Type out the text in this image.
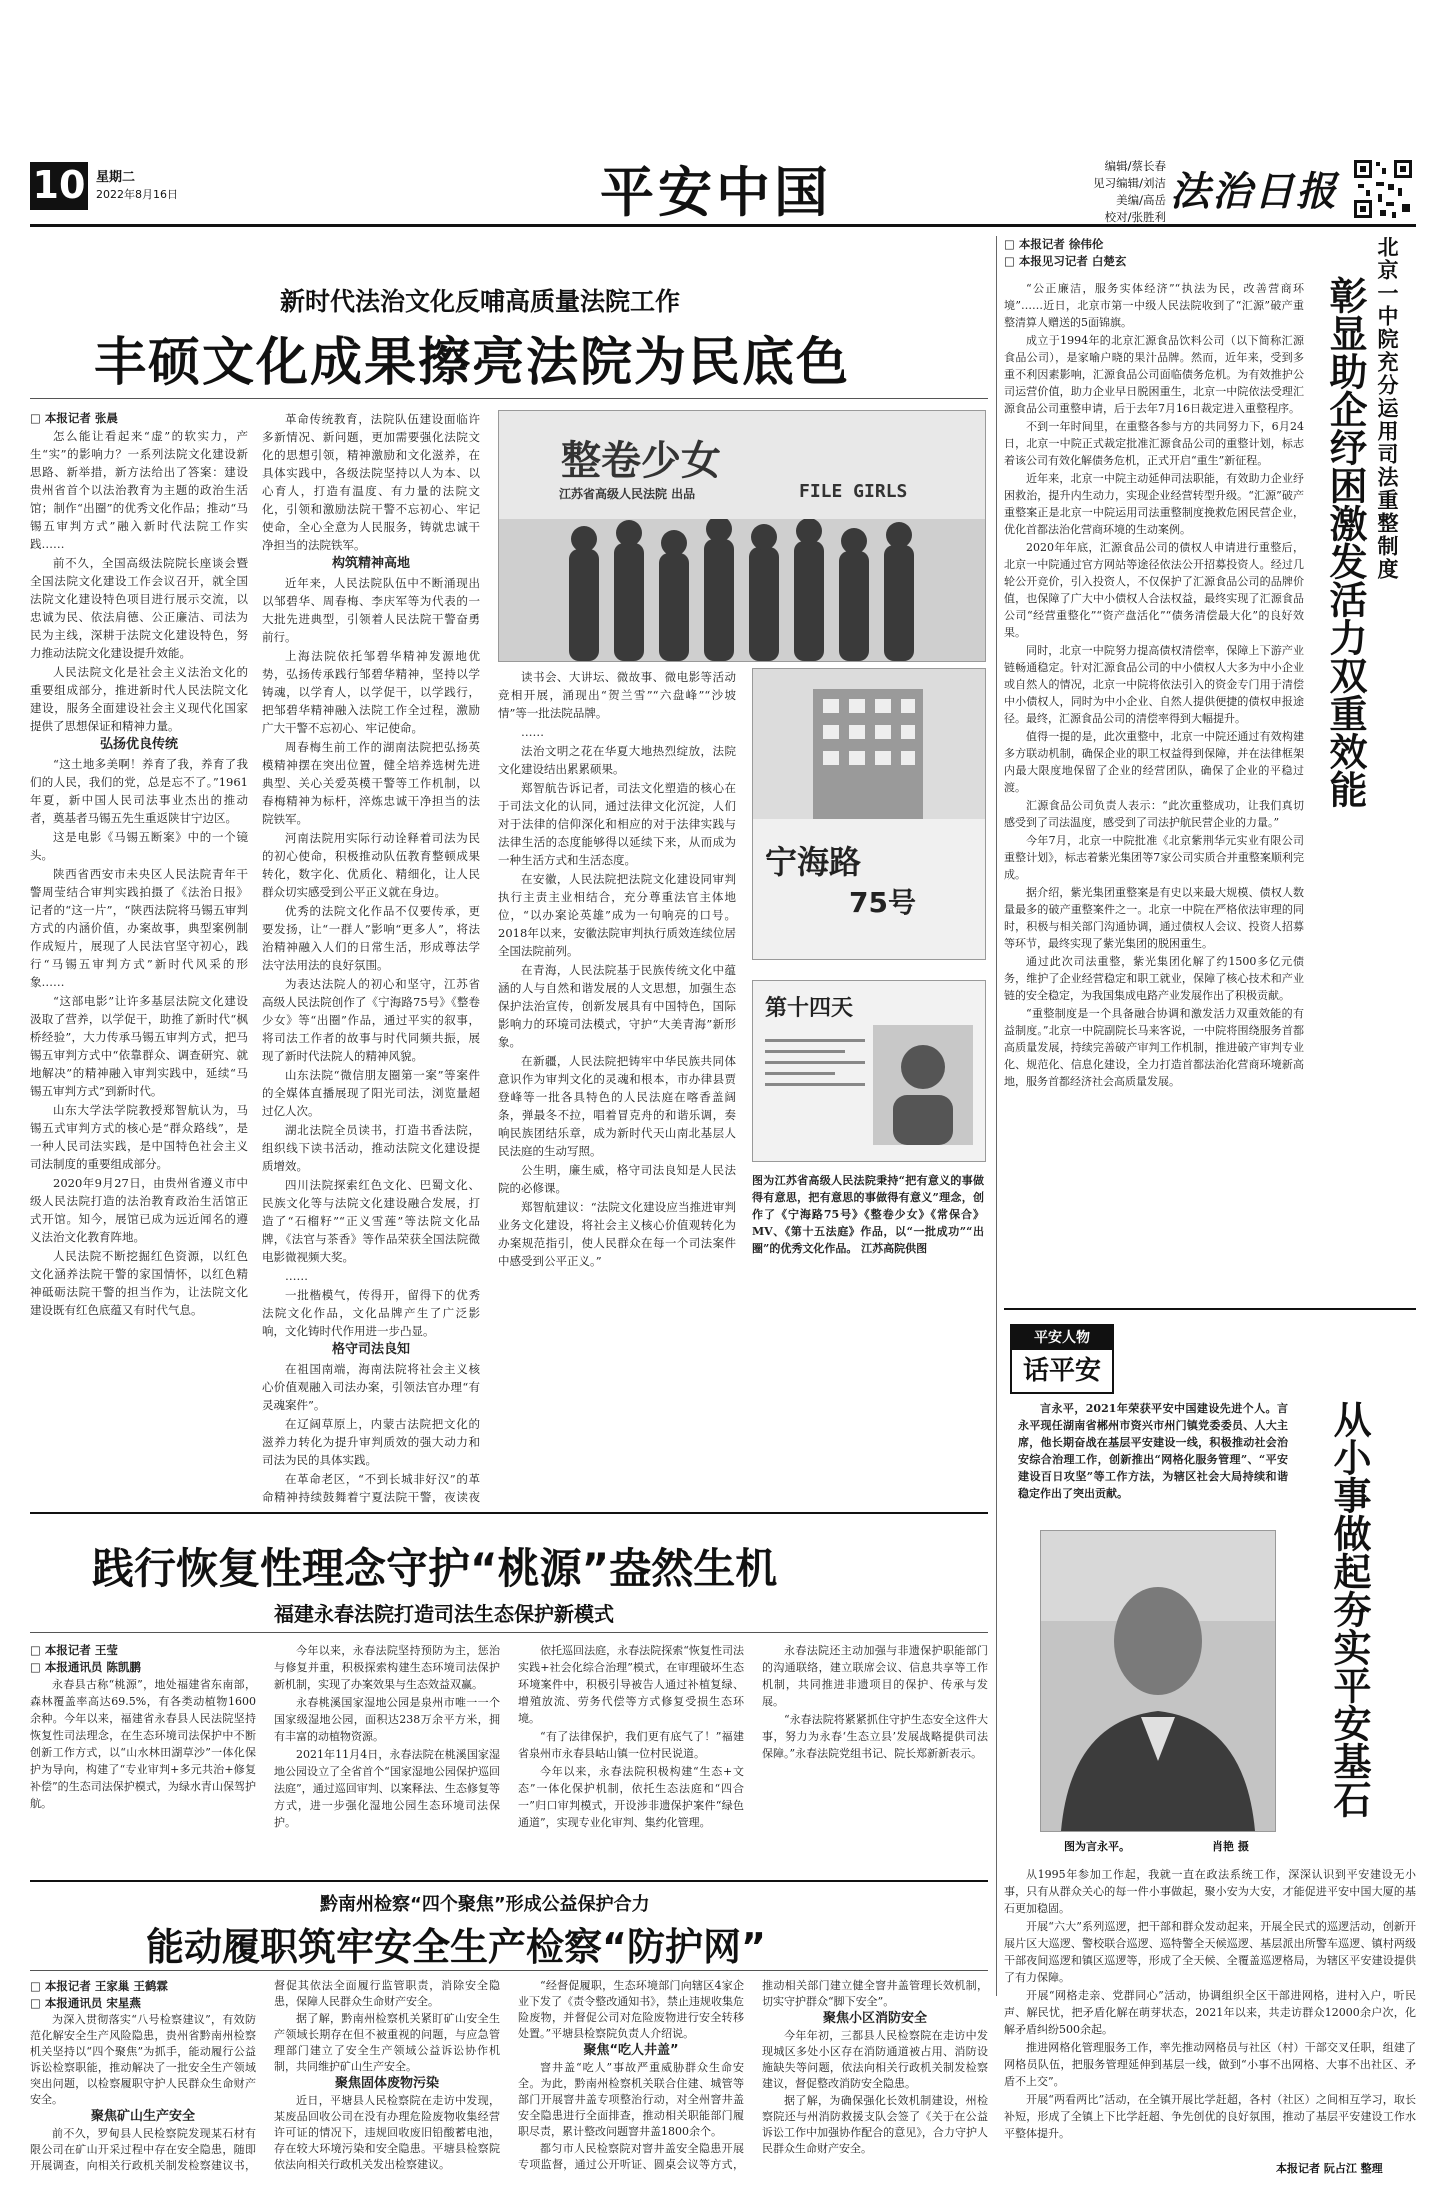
10 星期二
2022年8月16日	平安中国	编辑/蔡长春
见习编辑/刘洁
美编/高岳
校对/张胜利
法治日报
新时代法治文化反哺高质量法院工作
丰硕文化成果擦亮法院为民底色
□ 本报记者 张晨

怎么能让看起来“虚”的软实力，产生“实”的影响力？一系列法院文化建设新思路、新举措，新方法给出了答案：建设贵州省首个以法治教育为主题的政治生活馆；制作“出圈”的优秀文化作品；推动“马锡五审判方式”融入新时代法院工作实践……

前不久，全国高级法院院长座谈会暨全国法院文化建设工作会议召开，就全国法院文化建设特色项目进行展示交流，以忠诚为民、依法肩德、公正廉洁、司法为民为主线，深耕于法院文化建设特色，努力推动法院文化建设提升效能。

人民法院文化是社会主义法治文化的重要组成部分，推进新时代人民法院文化建设，服务全面建设社会主义现代化国家提供了思想保证和精神力量。

弘扬优良传统

“这土地多美啊！养育了我，养育了我们的人民，我们的党，总是忘不了。”1961年夏，新中国人民司法事业杰出的推动者，奠基者马锡五先生重返陕甘宁边区。

这是电影《马锡五断案》中的一个镜头。

陕西省西安市未央区人民法院青年干警周莹结合审判实践拍摄了《法治日报》记者的“这一片”，“陕西法院将马锡五审判方式的内涵价值，办案故事，典型案例制作成短片，展现了人民法官坚守初心，践行“马锡五审判方式”新时代风采的形象……

“这部电影”让许多基层法院文化建设汲取了营养，以学促干，助推了新时代“枫桥经验”，大力传承马锡五审判方式，把马锡五审判方式中“依靠群众、调查研究、就地解决”的精神融入审判实践中，延续“马锡五审判方式”到新时代。

山东大学法学院教授郑智航认为，马锡五式审判方式的核心是“群众路线”，是一种人民司法实践，是中国特色社会主义司法制度的重要组成部分。

2020年9月27日，由贵州省遵义市中级人民法院打造的法治教育政治生活馆正式开馆。知今，展馆已成为远近闻名的遵义法治文化教育阵地。

人民法院不断挖掘红色资源，以红色文化涵养法院干警的家国情怀，以红色精神砥砺法院干警的担当作为，让法院文化建设既有红色底蕴又有时代气息。

革命传统教育，法院队伍建设面临许多新情况、新问题，更加需要强化法院文化的思想引领，精神激励和文化滋养，在具体实践中，各级法院坚持以人为本、以心育人，打造有温度、有力量的法院文化，引领和激励法院干警不忘初心、牢记使命，全心全意为人民服务，铸就忠诚干净担当的法院铁军。

构筑精神高地

近年来，人民法院队伍中不断涌现出以邹碧华、周春梅、李庆军等为代表的一大批先进典型，引领着人民法院干警奋勇前行。

上海法院依托邹碧华精神发源地优势，弘扬传承践行邹碧华精神，坚持以学铸魂，以学育人，以学促干，以学践行，把邹碧华精神融入法院工作全过程，激励广大干警不忘初心、牢记使命。

周春梅生前工作的湖南法院把弘扬英模精神摆在突出位置，健全培养选树先进典型、关心关爱英模干警等工作机制，以春梅精神为标杆，淬炼忠诚干净担当的法院铁军。

河南法院用实际行动诠释着司法为民的初心使命，积极推动队伍教育整顿成果转化，数字化、优质化、精细化，让人民群众切实感受到公平正义就在身边。

优秀的法院文化作品不仅要传承，更要发扬，让“一群人”影响“更多人”，将法治精神融入人们的日常生活，形成尊法学法守法用法的良好氛围。

为表达法院人的初心和坚守，江苏省高级人民法院创作了《宁海路75号》《整卷少女》等“出圈”作品，通过平实的叙事，将司法工作者的故事与时代同频共振，展现了新时代法院人的精神风貌。

山东法院“微信朋友圈第一案”等案件的全媒体直播展现了阳光司法，浏览量超过亿人次。

湖北法院全员读书，打造书香法院，组织线下读书活动，推动法院文化建设提质增效。

四川法院探索红色文化、巴蜀文化、民族文化等与法院文化建设融合发展，打造了“石榴籽”“正义雪莲”等法院文化品牌，《法官与茶香》等作品荣获全国法院微电影微视频大奖。

……

一批楷模气，传得开，留得下的优秀法院文化作品，文化品牌产生了广泛影响，文化铸时代作用进一步凸显。

格守司法良知

在祖国南端，海南法院将社会主义核心价值观融入司法办案，引领法官办理“有灵魂案件”。

在辽阔草原上，内蒙古法院把文化的滋养力转化为提升审判质效的强大动力和司法为民的具体实践。

在革命老区，“不到长城非好汉”的革命精神持续鼓舞着宁夏法院干警，夜读夜

整卷少女
江苏省高级人民法院 出品	FILE GIRLS
宁海路
75号
第十四天

读书会、大讲坛、微故事、微电影等活动竞相开展，涌现出“贺兰雪”“六盘峰”“沙坡情”等一批法院品牌。

……

法治文明之花在华夏大地热烈绽放，法院文化建设结出累累硕果。

郑智航告诉记者，司法文化塑造的核心在于司法文化的认同，通过法律文化沉淀，人们对于法律的信仰深化和相应的对于法律实践与法律生活的态度能够得以延续下来，从而成为一种生活方式和生活态度。

在安徽，人民法院把法院文化建设同审判执行主责主业相结合，充分尊重法官主体地位，“以办案论英雄”成为一句响亮的口号。2018年以来，安徽法院审判执行质效连续位居全国法院前列。

在青海，人民法院基于民族传统文化中蕴涵的人与自然和谐发展的人文思想，加强生态保护法治宣传，创新发展具有中国特色，国际影响力的环境司法模式，守护“大美青海”新形象。

在新疆，人民法院把铸牢中华民族共同体意识作为审判文化的灵魂和根本，市办律县贾登峰等一批各具特色的人民法庭在喀香盖阔条，弹最冬不拉，唱着冒克舟的和谐乐调，奏响民族团结乐章，成为新时代天山南北基层人民法庭的生动写照。

公生明，廉生威，格守司法良知是人民法院的必修课。

郑智航建议：“法院文化建设应当推进审判业务文化建设，将社会主义核心价值观转化为办案规范指引，使人民群众在每一个司法案件中感受到公平正义。”

图为江苏省高级人民法院秉持“把有意义的事做得有意思，把有意思的事做得有意义”理念，创作了《宁海路75号》《整卷少女》《常保合》MV、《第十五法庭》作品，以“一批成功”“出圈”的优秀文化作品。 江苏高院供图
□ 本报记者 徐伟伦
□ 本报见习记者 白楚玄	北京一中院充分运用司法重整制度
彰显助企纾困激发活力双重效能

“公正廉洁，服务实体经济”“执法为民，改善营商环境”……近日，北京市第一中级人民法院收到了“汇源”破产重整清算人赠送的5面锦旗。

成立于1994年的北京汇源食品饮料公司（以下简称汇源食品公司），是家喻户晓的果汁品牌。然而，近年来，受到多重不利因素影响，汇源食品公司面临债务危机。为有效推护公司运营价值，助力企业早日脱困重生，北京一中院依法受理汇源食品公司重整申请，后于去年7月16日裁定进入重整程序。

不到一年时间里，在重整各参与方的共同努力下，6月24日，北京一中院正式裁定批准汇源食品公司的重整计划，标志着该公司有效化解债务危机，正式开启“重生”新征程。

近年来，北京一中院主动延伸司法职能，有效助力企业纾困救治，提升内生动力，实现企业经营转型升级。“汇源”破产重整案正是北京一中院运用司法重整制度挽救危困民营企业，优化首都法治化营商环境的生动案例。

2020年年底，汇源食品公司的债权人申请进行重整后，北京一中院通过官方网站等途径依法公开招募投资人。经过几轮公开竞价，引入投资人，不仅保护了汇源食品公司的品牌价值，也保障了广大中小债权人合法权益，最终实现了汇源食品公司“经营重整化”“资产盘活化”“债务清偿最大化”的良好效果。

同时，北京一中院努力提高债权清偿率，保障上下游产业链畅通稳定。针对汇源食品公司的中小债权人大多为中小企业或自然人的情况，北京一中院将依法引入的资金专门用于清偿中小债权人，同时为中小企业、自然人提供便捷的债权申报途径。最终，汇源食品公司的清偿率得到大幅提升。

值得一提的是，此次重整中，北京一中院还通过有效构建多方联动机制，确保企业的职工权益得到保障，并在法律框架内最大限度地保留了企业的经营团队，确保了企业的平稳过渡。

汇源食品公司负责人表示：“此次重整成功，让我们真切感受到了司法温度，感受到了司法护航民营企业的力量。”

今年7月，北京一中院批准《北京紫荆华元实业有限公司重整计划》，标志着紫光集团等7家公司实质合并重整案顺利完成。

据介绍，紫光集团重整案是有史以来最大规模、债权人数量最多的破产重整案件之一。北京一中院在严格依法审理的同时，积极与相关部门沟通协调，通过债权人会议、投资人招募等环节，最终实现了紫光集团的脱困重生。

通过此次司法重整，紫光集团化解了约1500多亿元债务，维护了企业经营稳定和职工就业，保障了核心技术和产业链的安全稳定，为我国集成电路产业发展作出了积极贡献。

“重整制度是一个具备融合协调和激发活力双重效能的有益制度。”北京一中院副院长马来客说，一中院将围绕服务首都高质量发展，持续完善破产审判工作机制，推进破产审判专业化、规范化、信息化建设，全力打造首都法治化营商环境新高地，服务首都经济社会高质量发展。

平安人物
话平安
言永平，2021年荣获平安中国建设先进个人。言永平现任湖南省郴州市资兴市州门镇党委委员、人大主席，他长期奋战在基层平安建设一线，积极推动社会治安综合治理工作，创新推出“网格化服务管理”、“平安建设百日攻坚”等工作方法，为辖区社会大局持续和谐稳定作出了突出贡献。	从小事做起夯实平安基石
图为言永平。	肖艳 摄

从1995年参加工作起，我就一直在政法系统工作，深深认识到平安建设无小事，只有从群众关心的每一件小事做起，聚小安为大安，才能促进平安中国大厦的基石更加稳固。

开展“六大”系列巡逻，把干部和群众发动起来，开展全民式的巡逻活动，创新开展片区大巡逻、警校联合巡逻、巡特警全天候巡逻、基层派出所警车巡逻、镇村两级干部夜间巡逻和镇区巡逻等，形成了全天候、全覆盖巡逻格局，为辖区平安建设提供了有力保障。

开展“网格走亲、党群同心”活动，协调组织全区干部进网格，进村入户，听民声、解民忧，把矛盾化解在萌芽状态，2021年以来，共走访群众12000余户次，化解矛盾纠纷500余起。

推进网格化管理服务工作，率先推动网格员与社区（村）干部交叉任职，组建了网格员队伍，把服务管理延伸到基层一线，做到“小事不出网格、大事不出社区、矛盾不上交”。

开展“两看两比”活动，在全镇开展比学赶超，各村（社区）之间相互学习，取长补短，形成了全镇上下比学赶超、争先创优的良好氛围，推动了基层平安建设工作水平整体提升。

本报记者 阮占江 整理
践行恢复性理念守护“桃源”盎然生机
福建永春法院打造司法生态保护新模式
□ 本报记者 王莹
□ 本报通讯员 陈凯鹏

永春县古称“桃源”，地处福建省东南部，森林覆盖率高达69.5%，有各类动植物1600余种。今年以来，福建省永春县人民法院坚持恢复性司法理念，在生态环境司法保护中不断创新工作方式，以“山水林田湖草沙”一体化保护为导向，构建了“专业审判+多元共治+修复补偿”的生态司法保护模式，为绿水青山保驾护航。

今年以来，永春法院坚持预防为主，惩治与修复并重，积极探索构建生态环境司法保护新机制，实现了办案效果与生态效益双赢。

永春桃溪国家湿地公园是泉州市唯一一个国家级湿地公园，面积达238万余平方米，拥有丰富的动植物资源。

2021年11月4日，永春法院在桃溪国家湿地公园设立了全省首个“国家湿地公园保护巡回法庭”，通过巡回审判、以案释法、生态修复等方式，进一步强化湿地公园生态环境司法保护。

依托巡回法庭，永春法院探索“恢复性司法实践+社会化综合治理”模式，在审理破坏生态环境案件中，积极引导被告人通过补植复绿、增殖放流、劳务代偿等方式修复受损生态环境。

“有了法律保护，我们更有底气了！”福建省泉州市永春县岵山镇一位村民说道。

今年以来，永春法院积极构建“生态+文态”一体化保护机制，依托生态法庭和“四合一”归口审判模式，开设涉非遗保护案件“绿色通道”，实现专业化审判、集约化管理。

永春法院还主动加强与非遗保护职能部门的沟通联络，建立联席会议、信息共享等工作机制，共同推进非遗项目的保护、传承与发展。

“永春法院将紧紧抓住守护生态安全这件大事，努力为永春‘生态立县’发展战略提供司法保障。”永春法院党组书记、院长郑新新表示。

黔南州检察“四个聚焦”形成公益保护合力
能动履职筑牢安全生产检察“防护网”
□ 本报记者 王家巢 王鹤霖
□ 本报通讯员 宋星燕

为深入贯彻落实“八号检察建议”，有效防范化解安全生产风险隐患，贵州省黔南州检察机关坚持以“四个聚焦”为抓手，能动履行公益诉讼检察职能，推动解决了一批安全生产领域突出问题，以检察履职守护人民群众生命财产安全。

聚焦矿山生产安全

前不久，罗甸县人民检察院发现某石材有限公司在矿山开采过程中存在安全隐患，随即开展调查，向相关行政机关制发检察建议书，督促其依法全面履行监管职责，消除安全隐患，保障人民群众生命财产安全。

据了解，黔南州检察机关紧盯矿山安全生产领域长期存在但不被重视的问题，与应急管理部门建立了安全生产领域公益诉讼协作机制，共同维护矿山生产安全。

聚焦固体废物污染

近日，平塘县人民检察院在走访中发现，某废品回收公司在没有办理危险废物收集经营许可证的情况下，违规回收废旧铅酸蓄电池，存在较大环境污染和安全隐患。平塘县检察院依法向相关行政机关发出检察建议。

“经督促履职，生态环境部门向辖区4家企业下发了《责令整改通知书》，禁止违规收集危险废物，并督促公司对危险废物进行安全转移处置。”平塘县检察院负责人介绍说。

聚焦“吃人井盖”

窨井盖“吃人”事故严重威胁群众生命安全。为此，黔南州检察机关联合住建、城管等部门开展窨井盖专项整治行动，对全州窨井盖安全隐患进行全面排查，推动相关职能部门履职尽责，累计整改问题窨井盖1800余个。

都匀市人民检察院对窨井盖安全隐患开展专项监督，通过公开听证、圆桌会议等方式，推动相关部门建立健全窨井盖管理长效机制，切实守护群众“脚下安全”。

聚焦小区消防安全

今年年初，三都县人民检察院在走访中发现城区多处小区存在消防通道被占用、消防设施缺失等问题，依法向相关行政机关制发检察建议，督促整改消防安全隐患。

据了解，为确保强化长效机制建设，州检察院还与州消防救援支队会签了《关于在公益诉讼工作中加强协作配合的意见》，合力守护人民群众生命财产安全。
